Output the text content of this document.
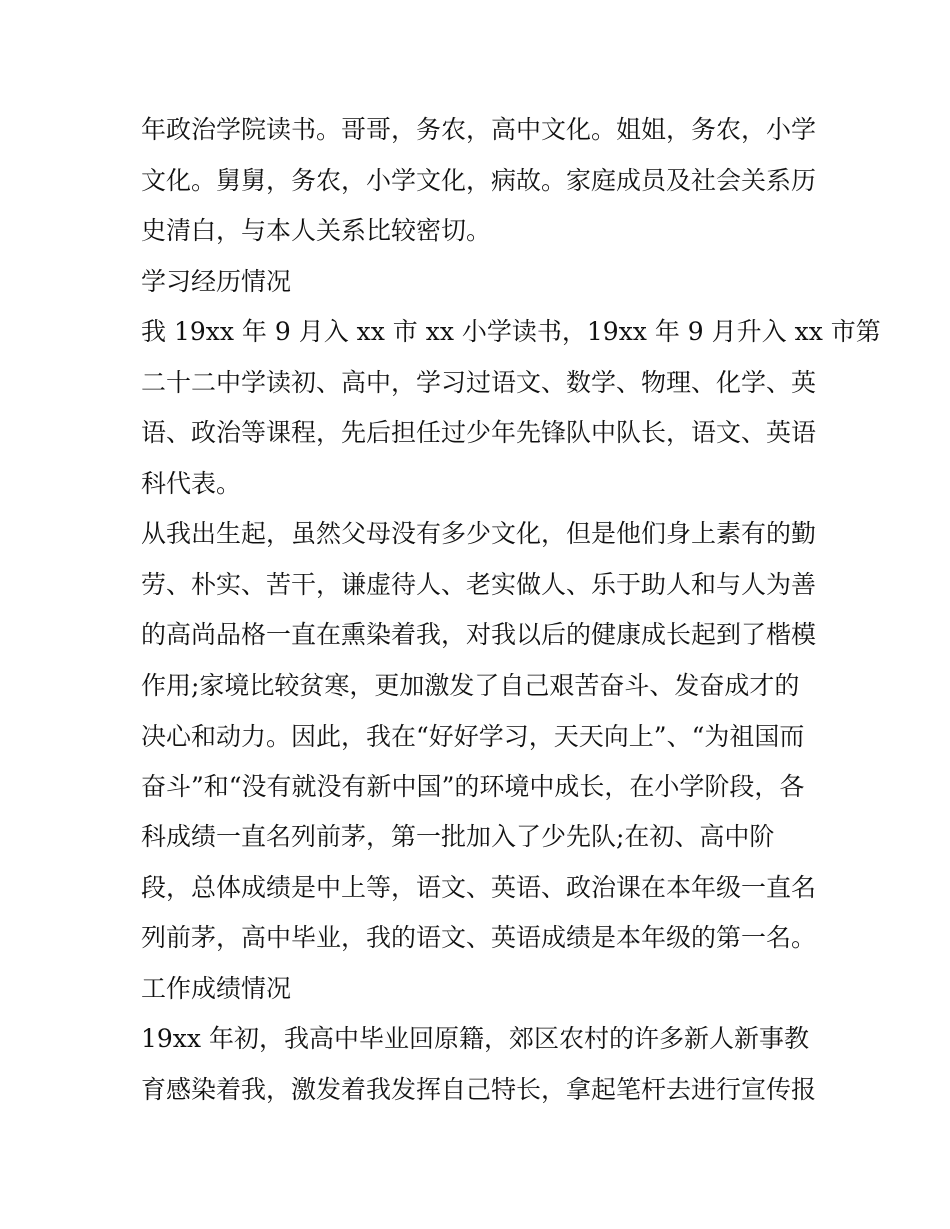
年政治学院读书。哥哥，务农，高中文化。姐姐，务农，小学

文化。舅舅，务农，小学文化，病故。家庭成员及社会关系历

史清白，与本人关系比较密切。

学习经历情况

我 19xx 年 9 月入 xx 市 xx 小学读书，19xx 年 9 月升入 xx 市第

二十二中学读初、高中，学习过语文、数学、物理、化学、英

语、政治等课程，先后担任过少年先锋队中队长，语文、英语

科代表。

从我出生起，虽然父母没有多少文化，但是他们身上素有的勤

劳、朴实、苦干，谦虚待人、老实做人、乐于助人和与人为善

的高尚品格一直在熏染着我，对我以后的健康成长起到了楷模

作用;家境比较贫寒，更加激发了自己艰苦奋斗、发奋成才的

决心和动力。因此，我在“好好学习，天天向上”、“为祖国而

奋斗”和“没有就没有新中国”的环境中成长，在小学阶段，各

科成绩一直名列前茅，第一批加入了少先队;在初、高中阶

段，总体成绩是中上等，语文、英语、政治课在本年级一直名

列前茅，高中毕业，我的语文、英语成绩是本年级的第一名。

工作成绩情况

19xx 年初，我高中毕业回原籍，郊区农村的许多新人新事教

育感染着我，激发着我发挥自己特长，拿起笔杆去进行宣传报
